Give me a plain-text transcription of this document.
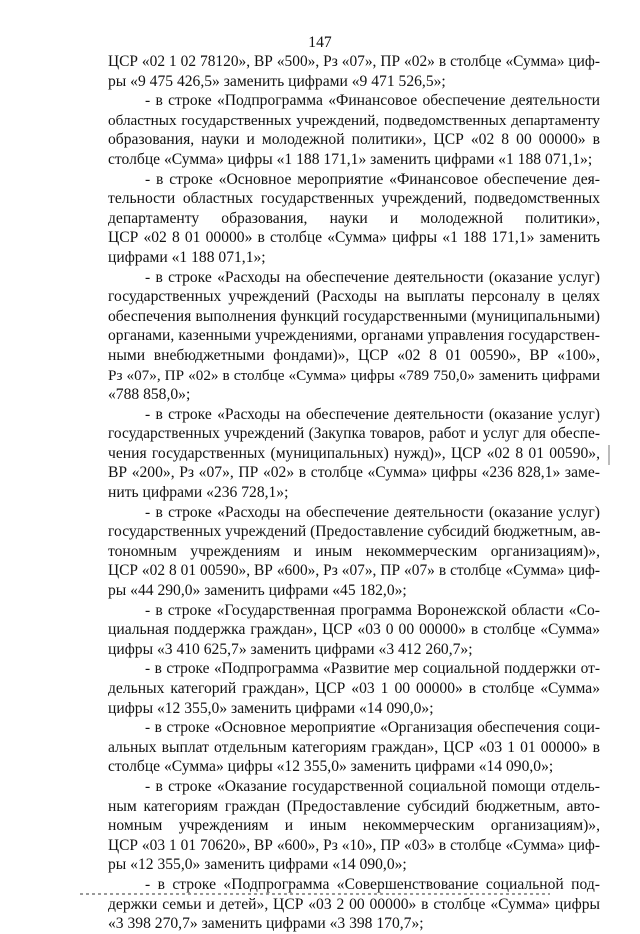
147
ЦСР «02 1 02 78120», ВР «500», Рз «07», ПР «02» в столбце «Сумма» циф-
ры «9 475 426,5» заменить цифрами «9 471 526,5»;
- в строке «Подпрограмма «Финансовое обеспечение деятельности
областных государственных учреждений, подведомственных департаменту
образования, науки и молодежной политики», ЦСР «02 8 00 00000» в
столбце «Сумма» цифры «1 188 171,1» заменить цифрами «1 188 071,1»;
- в строке «Основное мероприятие «Финансовое обеспечение дея-
тельности областных государственных учреждений, подведомственных
департаменту образования, науки и молодежной политики»,
ЦСР «02 8 01 00000» в столбце «Сумма» цифры «1 188 171,1» заменить
цифрами «1 188 071,1»;
- в строке «Расходы на обеспечение деятельности (оказание услуг)
государственных учреждений (Расходы на выплаты персоналу в целях
обеспечения выполнения функций государственными (муниципальными)
органами, казенными учреждениями, органами управления государствен-
ными внебюджетными фондами)», ЦСР «02 8 01 00590», ВР «100»,
Рз «07», ПР «02» в столбце «Сумма» цифры «789 750,0» заменить цифрами
«788 858,0»;
- в строке «Расходы на обеспечение деятельности (оказание услуг)
государственных учреждений (Закупка товаров, работ и услуг для обеспе-
чения государственных (муниципальных) нужд)», ЦСР «02 8 01 00590»,
ВР «200», Рз «07», ПР «02» в столбце «Сумма» цифры «236 828,1» заме-
нить цифрами «236 728,1»;
- в строке «Расходы на обеспечение деятельности (оказание услуг)
государственных учреждений (Предоставление субсидий бюджетным, ав-
тономным учреждениям и иным некоммерческим организациям)»,
ЦСР «02 8 01 00590», ВР «600», Рз «07», ПР «07» в столбце «Сумма» циф-
ры «44 290,0» заменить цифрами «45 182,0»;
- в строке «Государственная программа Воронежской области «Со-
циальная поддержка граждан», ЦСР «03 0 00 00000» в столбце «Сумма»
цифры «3 410 625,7» заменить цифрами «3 412 260,7»;
- в строке «Подпрограмма «Развитие мер социальной поддержки от-
дельных категорий граждан», ЦСР «03 1 00 00000» в столбце «Сумма»
цифры «12 355,0» заменить цифрами «14 090,0»;
- в строке «Основное мероприятие «Организация обеспечения соци-
альных выплат отдельным категориям граждан», ЦСР «03 1 01 00000» в
столбце «Сумма» цифры «12 355,0» заменить цифрами «14 090,0»;
- в строке «Оказание государственной социальной помощи отдель-
ным категориям граждан (Предоставление субсидий бюджетным, авто-
номным учреждениям и иным некоммерческим организациям)»,
ЦСР «03 1 01 70620», ВР «600», Рз «10», ПР «03» в столбце «Сумма» циф-
ры «12 355,0» заменить цифрами «14 090,0»;
- в строке «Подпрограмма «Совершенствование социальной под-
держки семьи и детей», ЦСР «03 2 00 00000» в столбце «Сумма» цифры
«3 398 270,7» заменить цифрами «3 398 170,7»;
